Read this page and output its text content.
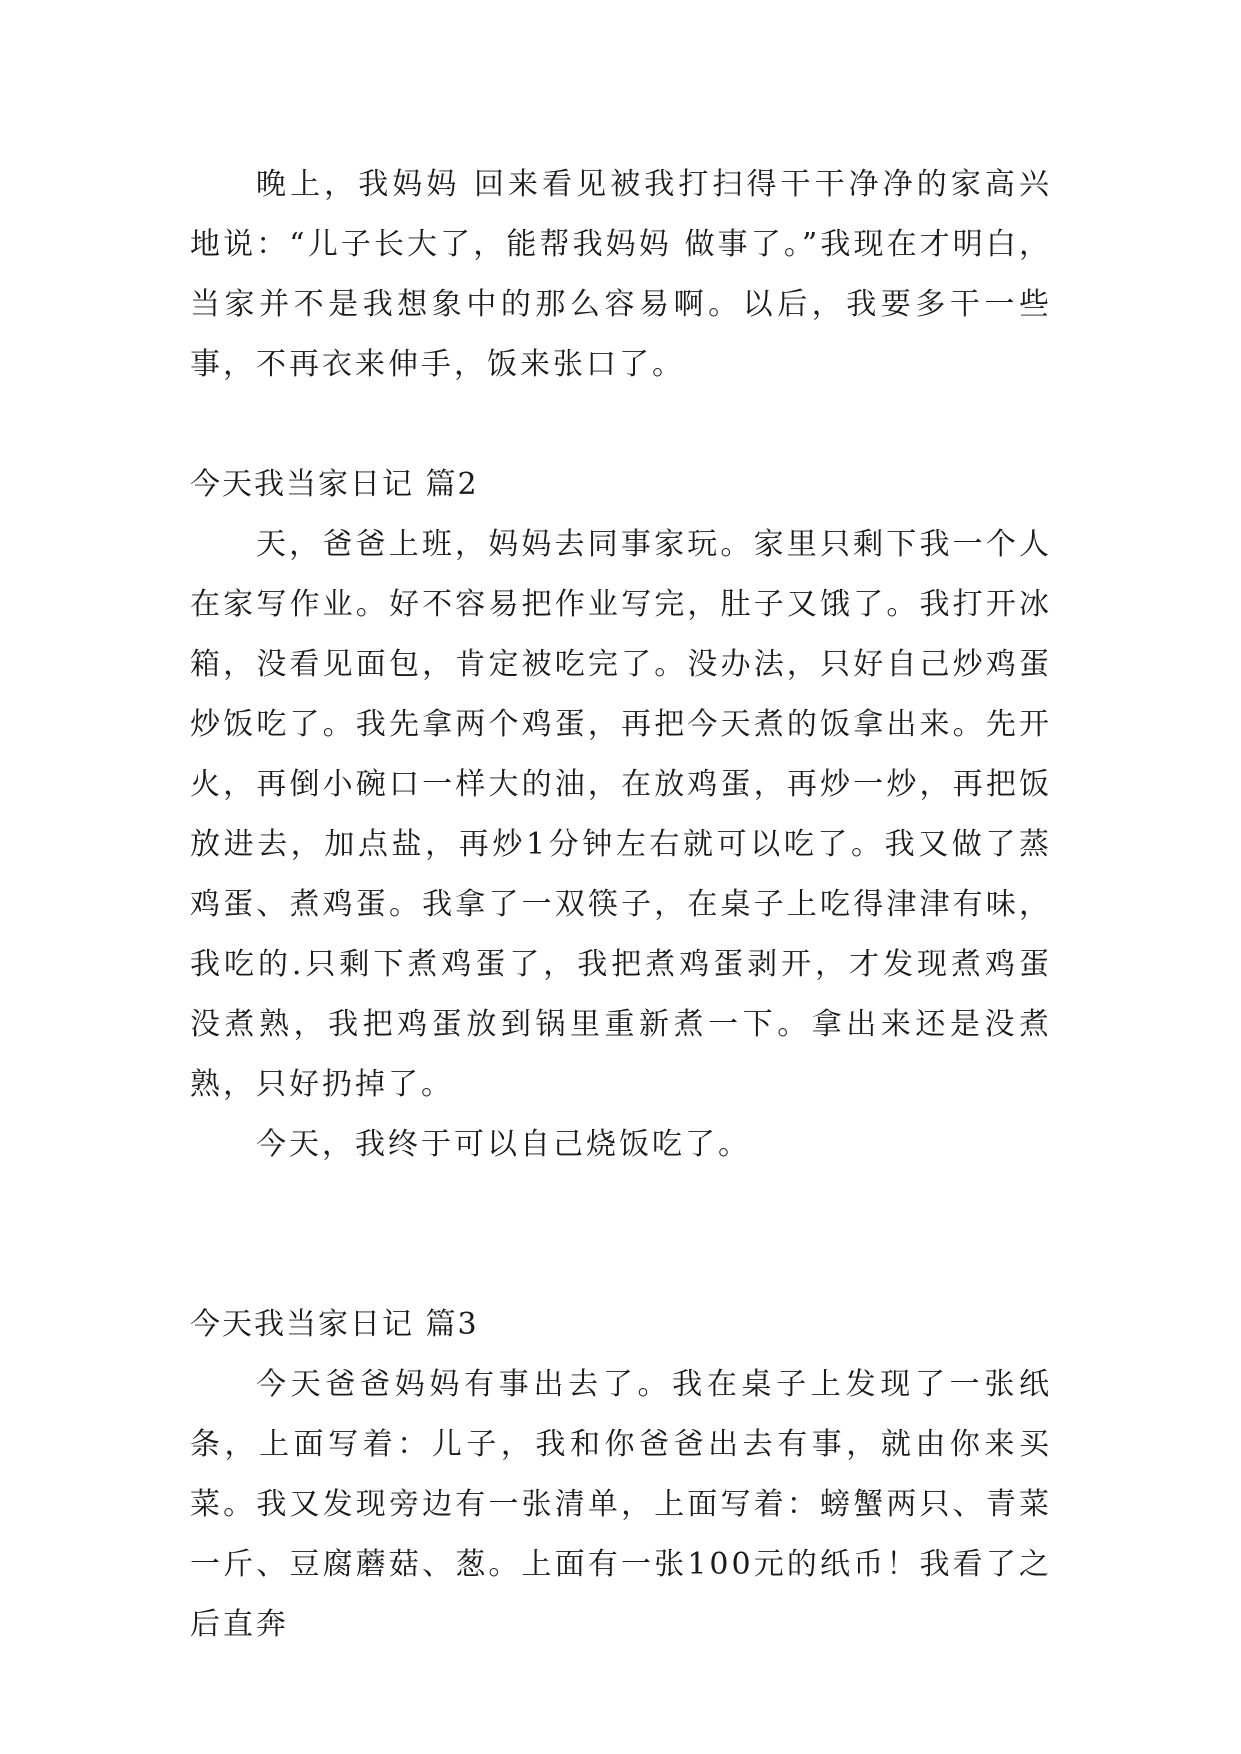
晚上，我妈妈 回来看见被我打扫得干干净净的家高兴地说：“儿子长大了，能帮我妈妈 做事了。”我现在才明白，当家并不是我想象中的那么容易啊。以后，我要多干一些事，不再衣来伸手，饭来张口了。

今天我当家日记 篇2

天，爸爸上班，妈妈去同事家玩。家里只剩下我一个人在家写作业。好不容易把作业写完，肚子又饿了。我打开冰箱，没看见面包，肯定被吃完了。没办法，只好自己炒鸡蛋炒饭吃了。我先拿两个鸡蛋，再把今天煮的饭拿出来。先开火，再倒小碗口一样大的油，在放鸡蛋，再炒一炒，再把饭放进去，加点盐，再炒1分钟左右就可以吃了。我又做了蒸鸡蛋、煮鸡蛋。我拿了一双筷子，在桌子上吃得津津有味，我吃的.只剩下煮鸡蛋了，我把煮鸡蛋剥开，才发现煮鸡蛋没煮熟，我把鸡蛋放到锅里重新煮一下。拿出来还是没煮熟，只好扔掉了。

今天，我终于可以自己烧饭吃了。

今天我当家日记 篇3

今天爸爸妈妈有事出去了。我在桌子上发现了一张纸条，上面写着：儿子，我和你爸爸出去有事，就由你来买菜。我又发现旁边有一张清单，上面写着：螃蟹两只、青菜一斤、豆腐蘑菇、葱。上面有一张100元的纸币！我看了之后直奔
